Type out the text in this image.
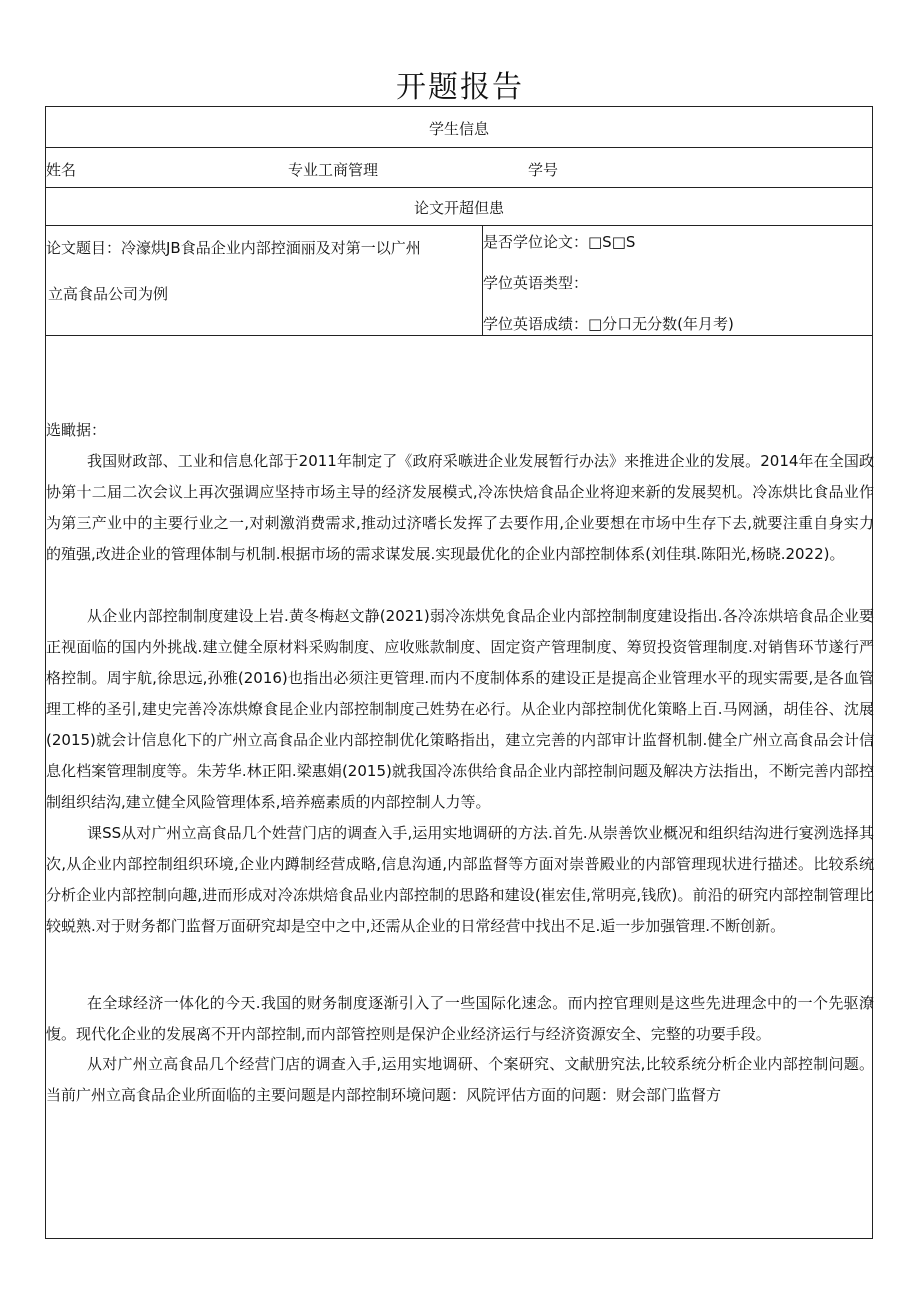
开题报告
学生信息
姓名	专业工商管理	学号
论文开超但患
论文题目：冷濠烘JB食品企业内部控湎丽及对第一以广州
立高食品公司为例
是否学位论文：□S□S
学位英语类型：
学位英语成绩：□分口无分数(年月考)
选瞰据：
我国财政部、工业和信息化部于2011年制定了《政府采嗾进企业发展暂行办法》来推进企业的发展。2014年在全国政协第十二届二次会议上再次强调应坚持市场主导的经济发展模式,冷冻快焙食品企业将迎来新的发展契机。冷冻烘比食品业作为第三产业中的主要行业之一,对刺激消费需求,推动过济嗜长发挥了去要作用,企业要想在市场中生存下去,就要注重自身实力的殖强,改进企业的管理体制与机制.根据市场的需求谋发展.实现最优化的企业内部控制体系(刘佳琪.陈阳光,杨晓.2022)。
从企业内部控制制度建设上岩.黄冬梅赵文静(2021)弱冷冻烘免食品企业内部控制制度建设指出.各冷冻烘培食品企业要正视面临的国内外挑战.建立健全原材料采购制度、应收账款制度、固定资产管理制度、筹贸投资管理制度.对销售环节遂行严格控制。周宇航,徐思远,孙雅(2016)也指出必须注更管理.而内不度制体系的建设正是提高企业管理水平的现实需要,是各血管理工桦的圣引,建史完善冷冻烘燎食昆企业内部控制制度己姓势在必行。从企业内部控制优化策略上百.马网涵，胡佳谷、沈展(2015)就会计信息化下的广州立高食品企业内部控制优化策略指出，建立完善的内部审计监督机制.健全广州立高食品会计信息化档案管理制度等。朱芳华.林正阳.梁惠娟(2015)就我国冷冻供给食品企业内部控制问题及解决方法指出，不断完善内部控制组织结沟,建立健全风险管理体系,培养癌素质的内部控制人力等。
课SS从对广州立高食品几个姓营门店的调查入手,运用实地调研的方法.首先.从崇善饮业概况和组织结沟进行宴洌选择其次,从企业内部控制组织环境,企业内蹲制经营成略,信息沟通,内部监督等方面对崇普殿业的内部管理现状进行描述。比较系统分析企业内部控制向趣,进而形成对冷冻烘焙食品业内部控制的思路和建设(崔宏佳,常明亮,钱欣)。前沿的研究内部控制管理比较蜕熟.对于财务都门监督万面研究却是空中之中,还需从企业的日常经营中找出不足.逅一步加强管理.不断创新。
在全球经济一体化的今天.我国的财务制度逐渐引入了一些国际化速念。而内控官理则是这些先进理念中的一个先驱潦愎。现代化企业的发展离不开内部控制,而内部管控则是保沪企业经济运行与经济资源安全、完整的功要手段。
从对广州立高食品几个经营门店的调查入手,运用实地调研、个案研究、文献册究法,比较系统分析企业内部控制问题。当前广州立高食品企业所面临的主要问题是内部控制环境问题：风院评估方面的问题：财会部门监督方
